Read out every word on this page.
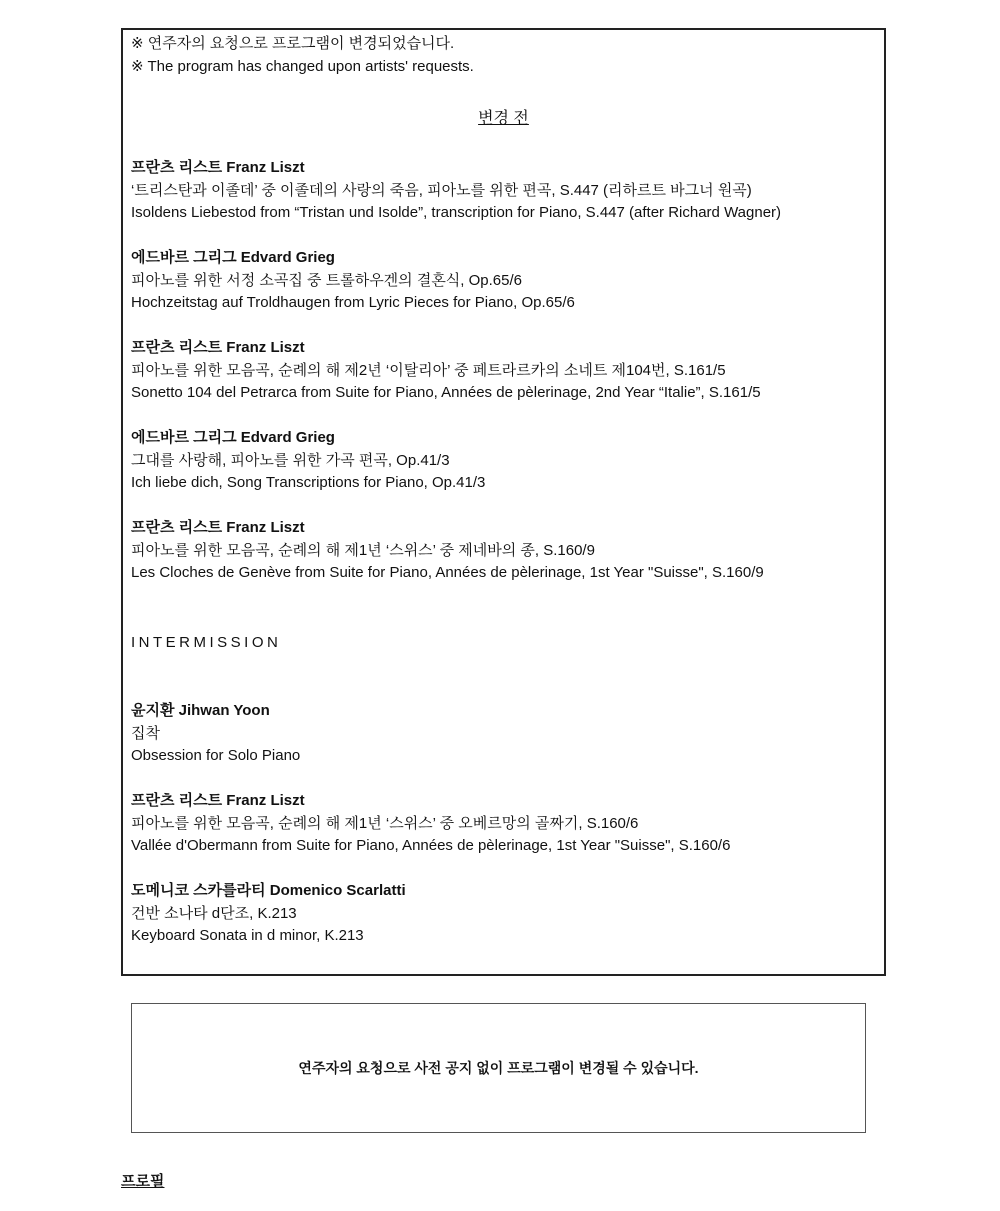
※ 연주자의 요청으로 프로그램이 변경되었습니다.
※ The program has changed upon artists' requests.
변경 전
프란츠 리스트 Franz Liszt
‘트리스탄과 이졸데’ 중 이졸데의 사랑의 죽음, 피아노를 위한 편곡, S.447 (리하르트 바그너 원곡)
Isoldens Liebestod from “Tristan und Isolde”, transcription for Piano, S.447 (after Richard Wagner)
에드바르 그리그 Edvard Grieg
피아노를 위한 서정 소곡집 중 트롤하우겐의 결혼식, Op.65/6
Hochzeitstag auf Troldhaugen from Lyric Pieces for Piano, Op.65/6
프란츠 리스트 Franz Liszt
피아노를 위한 모음곡, 순례의 해 제2년 ‘이탈리아’ 중 페트라르카의 소네트 제104번, S.161/5
Sonetto 104 del Petrarca from Suite for Piano, Années de pèlerinage, 2nd Year “Italie”, S.161/5
에드바르 그리그 Edvard Grieg
그대를 사랑해, 피아노를 위한 가곡 편곡, Op.41/3
Ich liebe dich, Song Transcriptions for Piano, Op.41/3
프란츠 리스트 Franz Liszt
피아노를 위한 모음곡, 순례의 해 제1년 ‘스위스’ 중 제네바의 종, S.160/9
Les Cloches de Genève from Suite for Piano, Années de pèlerinage, 1st Year "Suisse", S.160/9
INTERMISSION
윤지환 Jihwan Yoon
집착
Obsession for Solo Piano
프란츠 리스트 Franz Liszt
피아노를 위한 모음곡, 순례의 해 제1년 ‘스위스’ 중 오베르망의 골짜기, S.160/6
Vallée d'Obermann from Suite for Piano, Années de pèlerinage, 1st Year "Suisse", S.160/6
도메니코 스카를라티 Domenico Scarlatti
건반 소나타 d단조, K.213
Keyboard Sonata in d minor, K.213
연주자의 요청으로 사전 공지 없이 프로그램이 변경될 수 있습니다.
프로필
